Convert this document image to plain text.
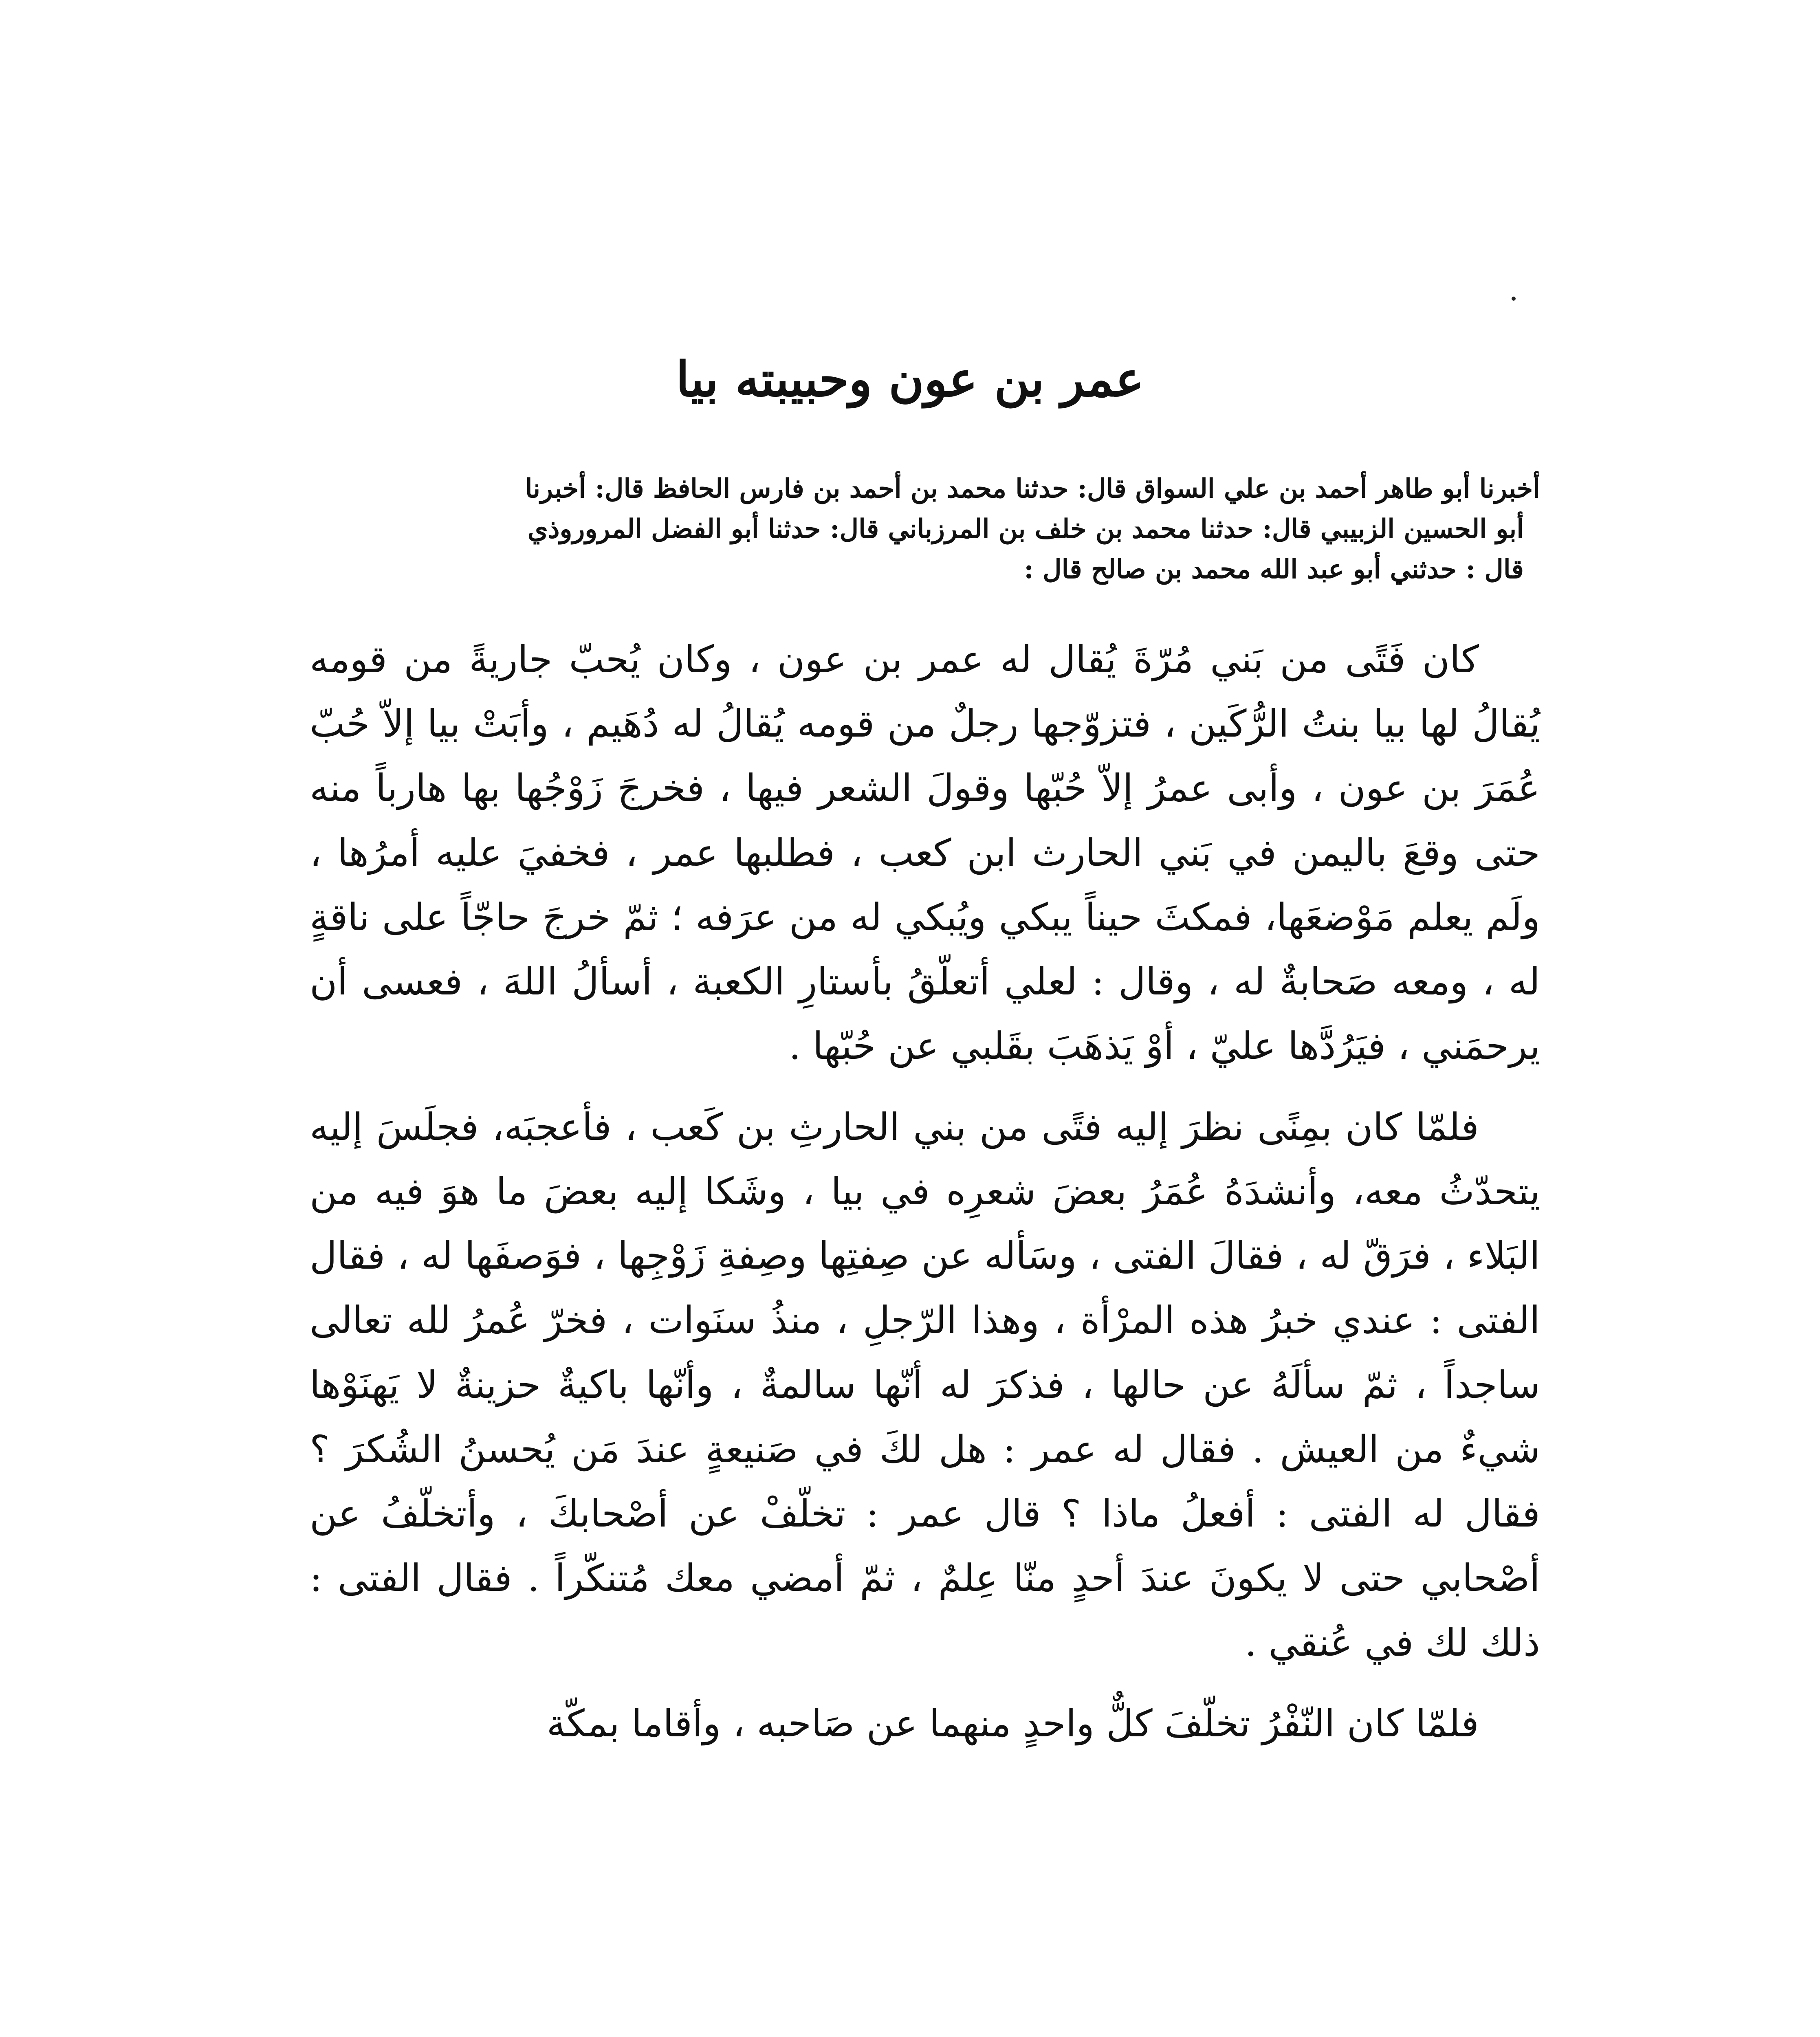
عمر بن عون وحبيبته بيا
أخبرنا أبو طاهر أحمد بن علي السواق قال: حدثنا محمد بن أحمد بن فارس الحافظ قال: أخبرنا
أبو الحسين الزبيبي قال: حدثنا محمد بن خلف بن المرزباني قال: حدثنا أبو الفضل المروروذي
قال : حدثني أبو عبد الله محمد بن صالح قال :

كان فَتًى من بَني مُرّةَ يُقال له عمر بن عون ، وكان يُحبّ جاريةً من قومه يُقالُ لها بيا بنتُ الرُّكَين ، فتزوّجها رجلٌ من قومه يُقالُ له دُهَيم ، وأبَتْ بيا إلاّ حُبّ عُمَرَ بن عون ، وأبى عمرُ إلاّ حُبّها وقولَ الشعر فيها ، فخرجَ زَوْجُها بها هارباً منه حتى وقعَ باليمن في بَني الحارث ابن كعب ، فطلبها عمر ، فخفيَ عليه أمرُها ، ولَم يعلم مَوْضعَها، فمكثَ حيناً يبكي ويُبكي له من عرَفه ؛ ثمّ خرجَ حاجّاً على ناقةٍ له ، ومعه صَحابةٌ له ، وقال : لعلي أتعلّقُ بأستارِ الكعبة ، أسألُ اللهَ ، فعسى أن يرحمَني ، فيَرُدَّها عليّ ، أوْ يَذهَبَ بقَلبي عن حُبّها .

فلمّا كان بمِنًى نظرَ إليه فتًى من بني الحارثِ بن كَعب ، فأعجبَه، فجلَسَ إليه يتحدّثُ معه، وأنشدَهُ عُمَرُ بعضَ شعرِه في بيا ، وشَكا إليه بعضَ ما هوَ فيه من البَلاء ، فرَقّ له ، فقالَ الفتى ، وسَأله عن صِفتِها وصِفةِ زَوْجِها ، فوَصفَها له ، فقال الفتى : عندي خبرُ هذه المرْأة ، وهذا الرّجلِ ، منذُ سنَوات ، فخرّ عُمرُ لله تعالى ساجداً ، ثمّ سألَهُ عن حالها ، فذكرَ له أنّها سالمةٌ ، وأنّها باكيةٌ حزينةٌ لا يَهنَوْها شيءٌ من العيش . فقال له عمر : هل لكَ في صَنيعةٍ عندَ مَن يُحسنُ الشُكرَ ؟ فقال له الفتى : أفعلُ ماذا ؟ قال عمر : تخلّفْ عن أصْحابكَ ، وأتخلّفُ عن أصْحابي حتى لا يكونَ عندَ أحدٍ منّا عِلمٌ ، ثمّ أمضي معك مُتنكّراً . فقال الفتى : ذلك لك في عُنقي .

فلمّا كان النّفْرُ تخلّفَ كلٌّ واحدٍ منهما عن صَاحبه ، وأقاما بمكّة
